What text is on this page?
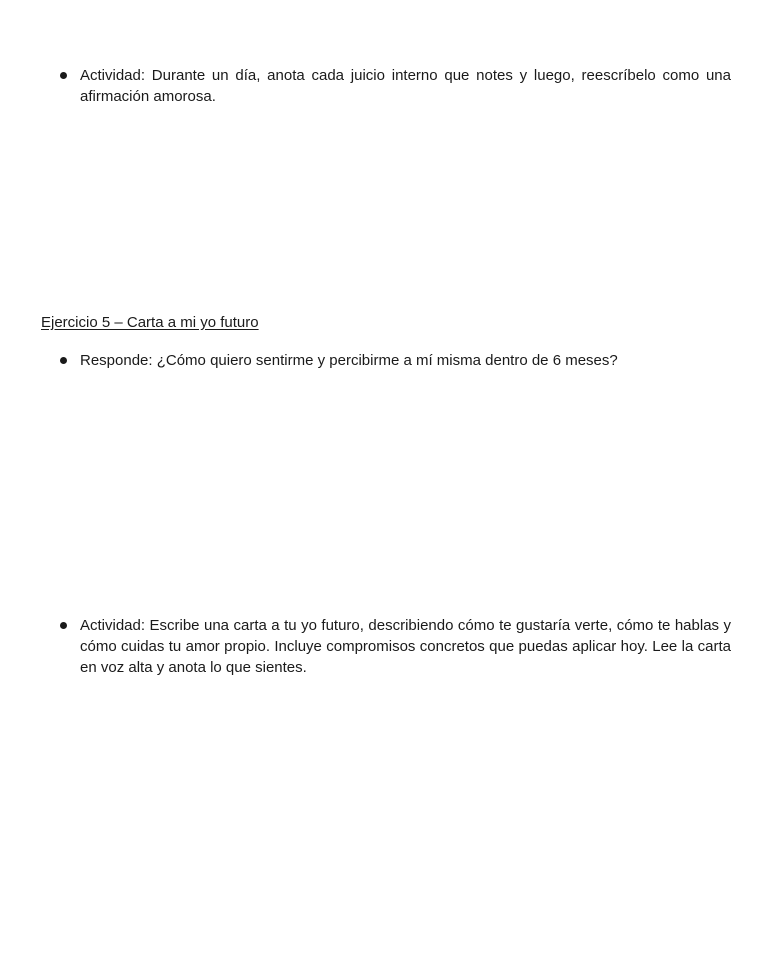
Actividad: Durante un día, anota cada juicio interno que notes y luego, reescríbelo como una afirmación amorosa.
Ejercicio 5 – Carta a mi yo futuro
Responde: ¿Cómo quiero sentirme y percibirme a mí misma dentro de 6 meses?
Actividad: Escribe una carta a tu yo futuro, describiendo cómo te gustaría verte, cómo te hablas y cómo cuidas tu amor propio. Incluye compromisos concretos que puedas aplicar hoy. Lee la carta en voz alta y anota lo que sientes.
